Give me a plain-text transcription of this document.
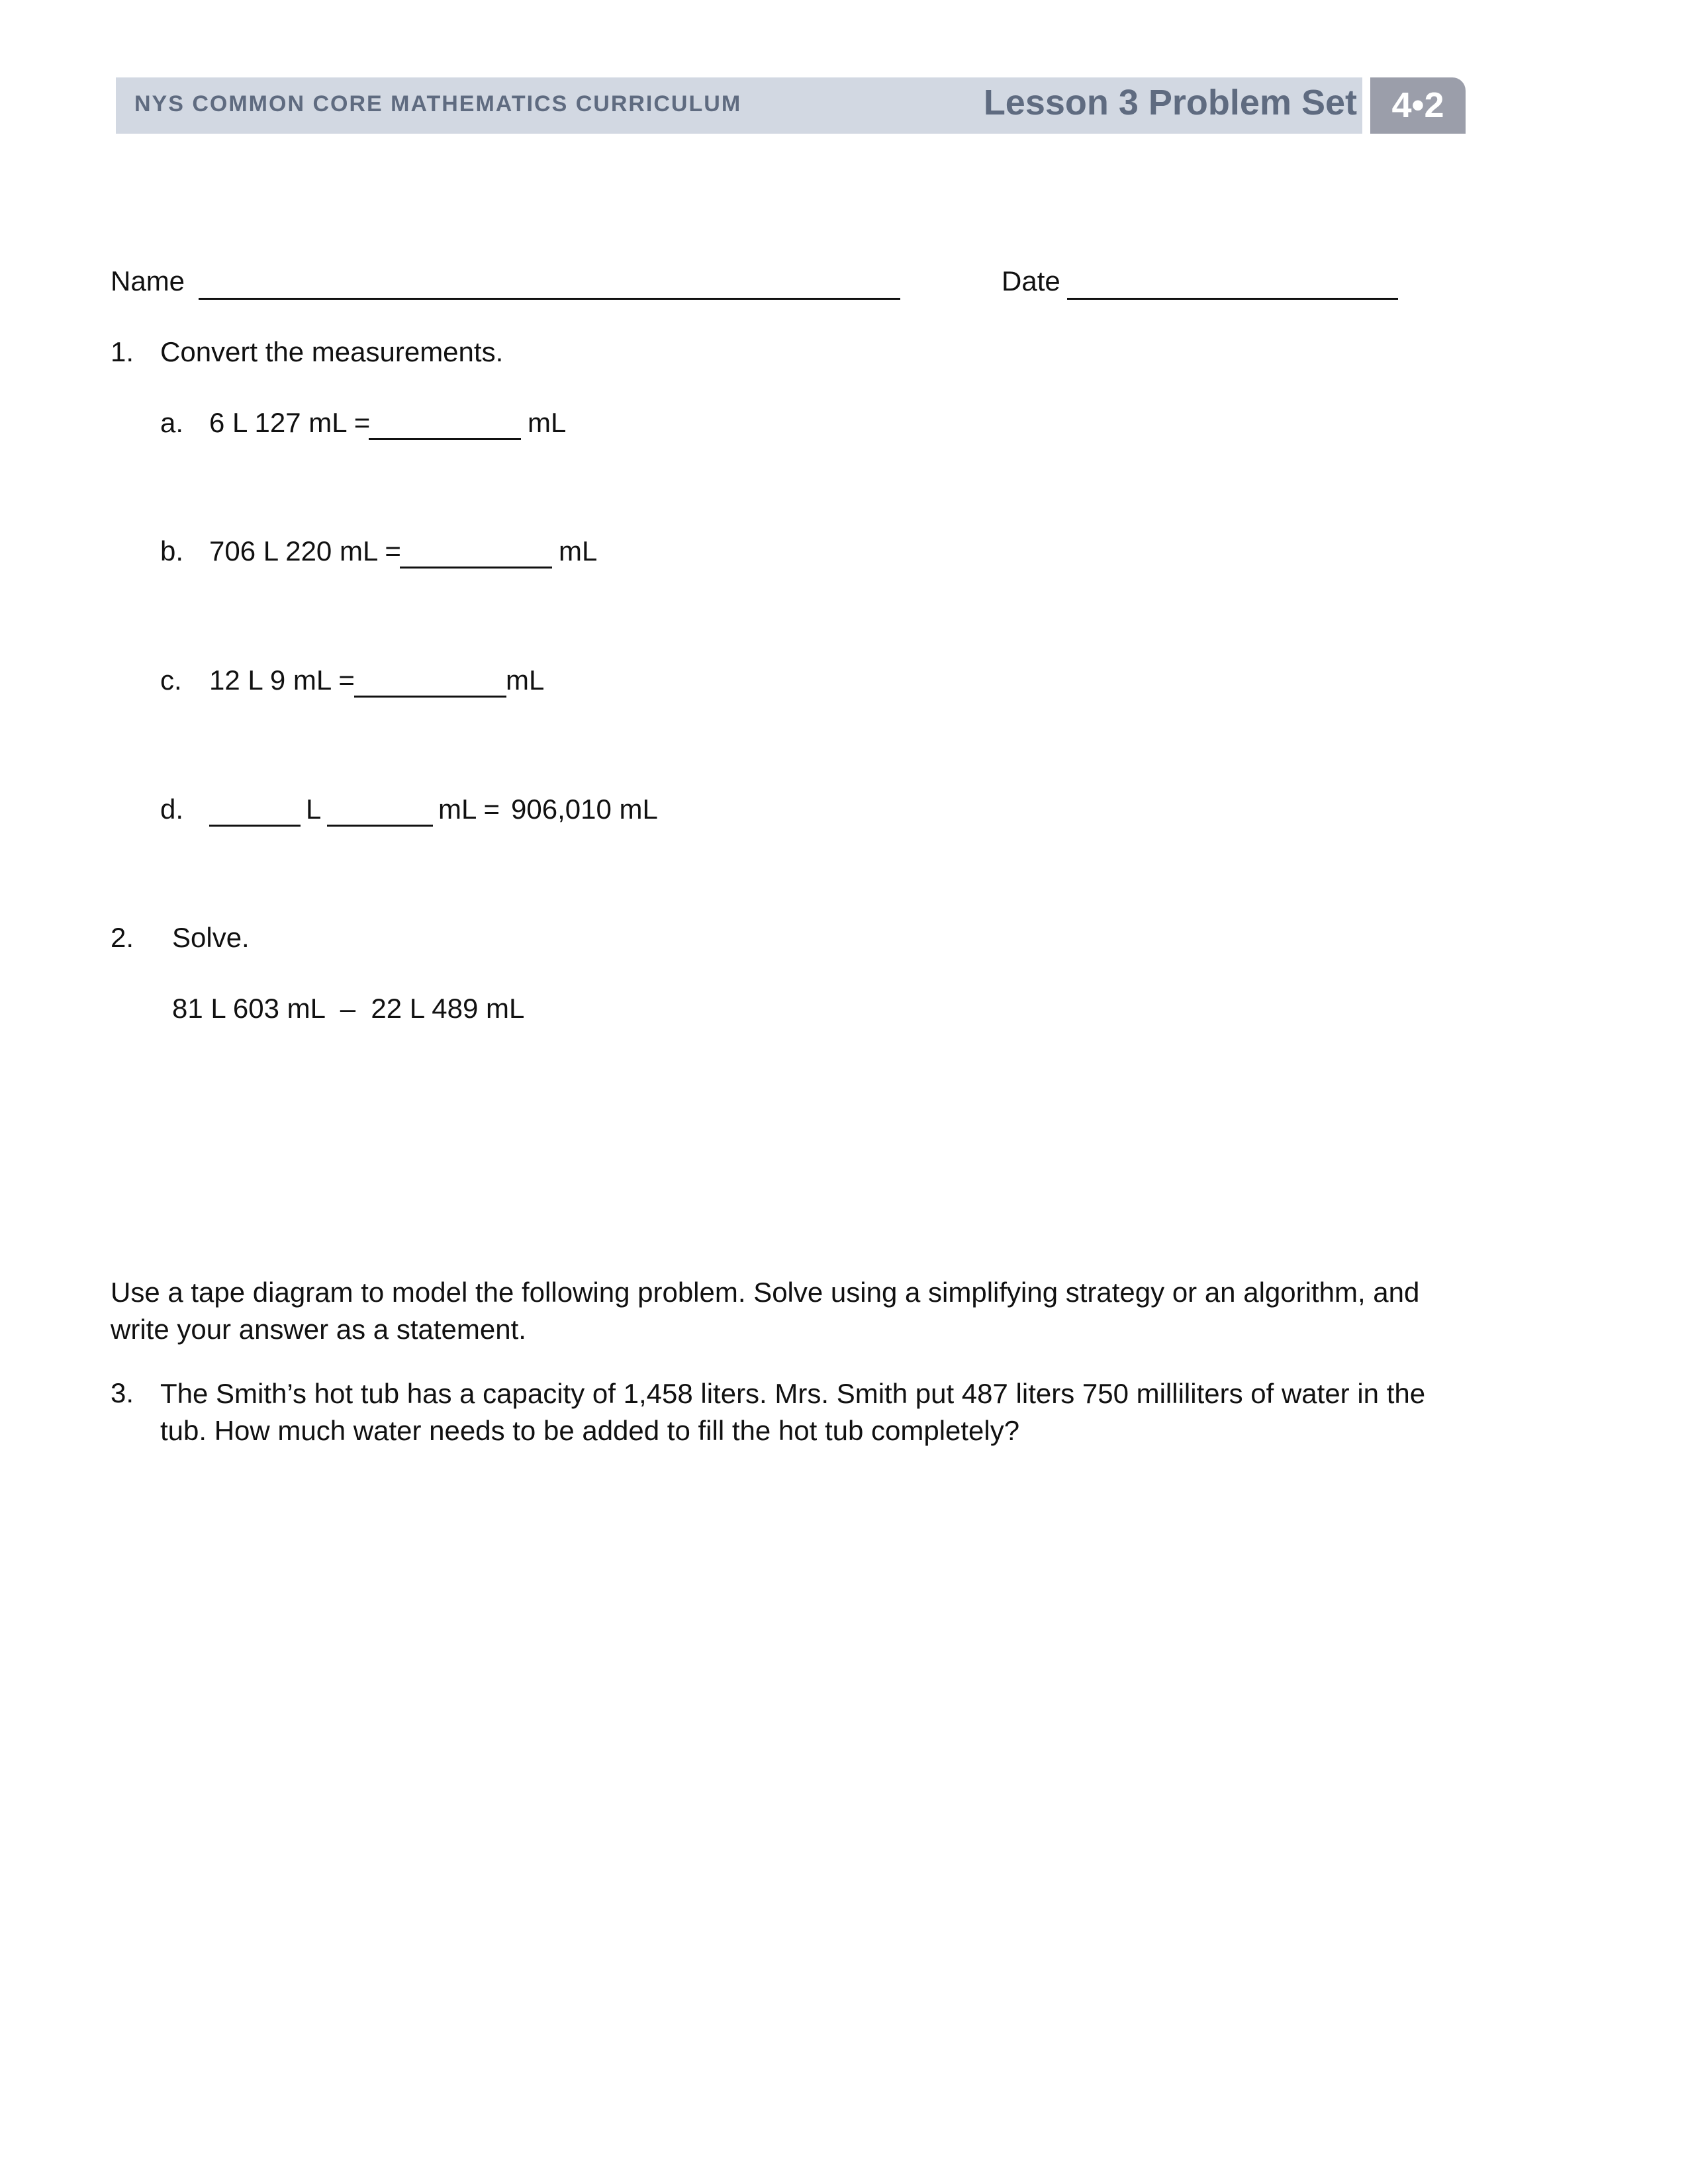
NYS COMMON CORE MATHEMATICS CURRICULUM	Lesson 3 Problem Set 4•2
Name	Date
1. Convert the measurements.
a. 6 L 127 mL =	mL
b. 706 L 220 mL =	mL
c. 12 L 9 mL =	mL
d.	L	mL = 906,010 mL
2. Solve.
81 L 603 mL  –  22 L 489 mL
Use a tape diagram to model the following problem. Solve using a simplifying strategy or an algorithm, and
write your answer as a statement.
3. The Smith’s hot tub has a capacity of 1,458 liters. Mrs. Smith put 487 liters 750 milliliters of water in the
tub. How much water needs to be added to fill the hot tub completely?
